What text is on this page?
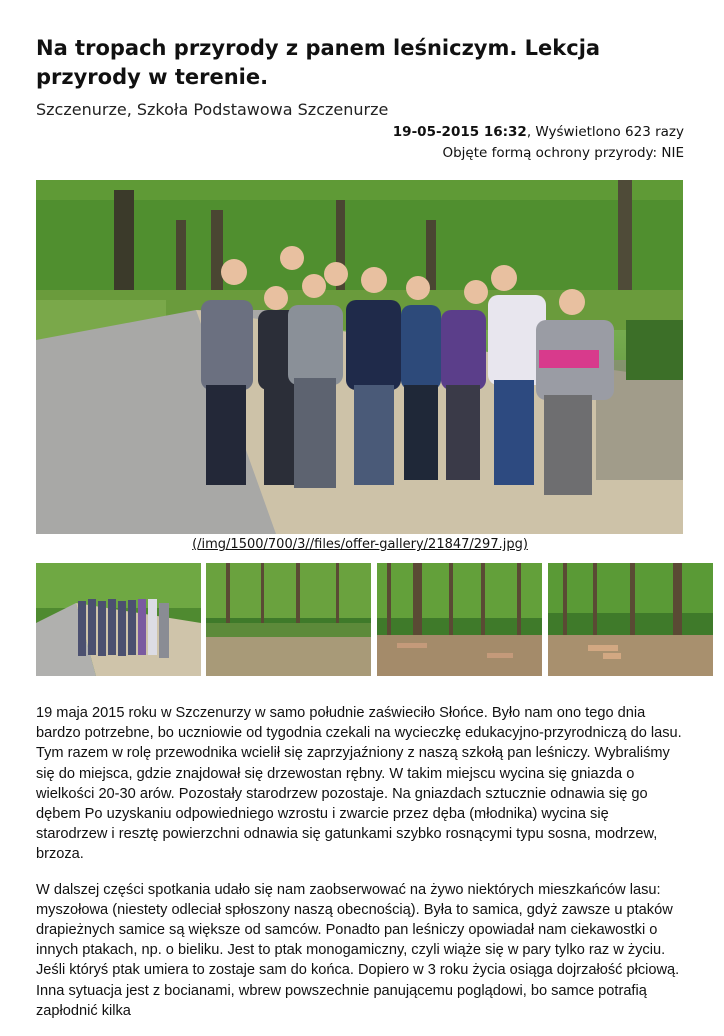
Na tropach przyrody z panem leśniczym. Lekcja przyrody w terenie.
Szczenurze, Szkoła Podstawowa Szczenurze
19-05-2015 16:32, Wyświetlono 623 razy
Objęte formą ochrony przyrody: NIE
(/img/1500/700/3//files/offer-gallery/21847/297.jpg)

19 maja 2015 roku w Szczenurzy w samo południe zaświeciło Słońce. Było nam ono tego dnia bardzo potrzebne, bo uczniowie od tygodnia czekali na wycieczkę edukacyjno-przyrodniczą do lasu. Tym razem w rolę przewodnika wcielił się zaprzyjaźniony z naszą szkołą pan leśniczy. Wybraliśmy się do miejsca, gdzie znajdował się drzewostan rębny. W takim miejscu wycina się gniazda o wielkości 20-30 arów. Pozostały starodrzew pozostaje. Na gniazdach sztucznie odnawia się go dębem Po uzyskaniu odpowiedniego wzrostu i zwarcie przez dęba (młodnika) wycina się starodrzew i resztę powierzchni odnawia się gatunkami szybko rosnącymi typu sosna, modrzew, brzoza.

W dalszej części spotkania udało się nam zaobserwować na żywo niektórych mieszkańców lasu: myszołowa (niestety odleciał spłoszony naszą obecnością). Była to samica, gdyż zawsze u ptaków drapieżnych samice są większe od samców. Ponadto pan leśniczy opowiadał nam ciekawostki o innych ptakach, np. o bieliku. Jest to ptak monogamiczny, czyli wiąże się w pary tylko raz w życiu. Jeśli któryś ptak umiera to zostaje sam do końca. Dopiero w 3 roku życia osiąga dojrzałość płciową. Inna sytuacja jest z bocianami, wbrew powszechnie panującemu poglądowi, bo samce potrafią zapłodnić kilka
